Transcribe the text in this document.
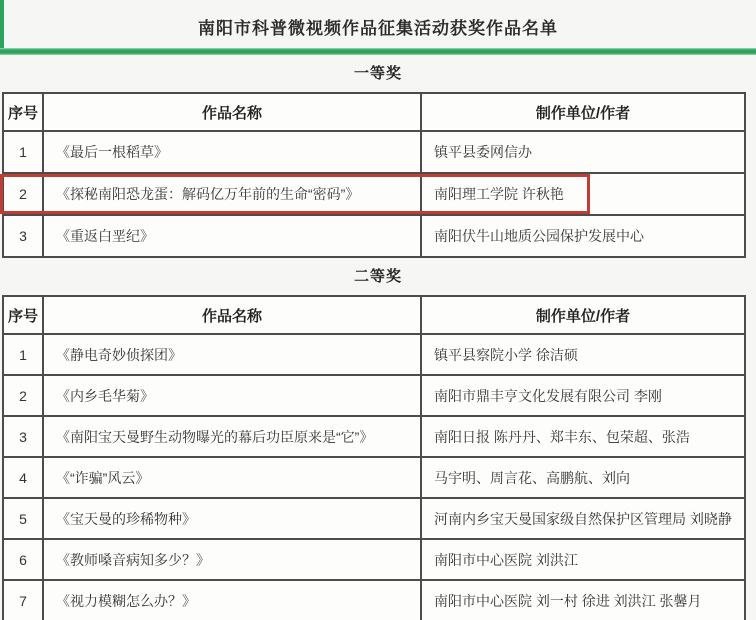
南阳市科普微视频作品征集活动获奖作品名单
一等奖
序号	作品名称	制作单位/作者
1	《最后一根稻草》	镇平县委网信办
2	《探秘南阳恐龙蛋：解码亿万年前的生命“密码”》	南阳理工学院 许秋艳
3	《重返白垩纪》	南阳伏牛山地质公园保护发展中心
二等奖
序号	作品名称	制作单位/作者
1	《静电奇妙侦探团》	镇平县察院小学 徐洁硕
2	《内乡毛华菊》	南阳市鼎丰亨文化发展有限公司 李刚
3	《南阳宝天曼野生动物曝光的幕后功臣原来是“它”》	南阳日报 陈丹丹、郑丰东、包荣超、张浩
4	《“诈骗”风云》	马宇明、周言花、高鹏航、刘向
5	《宝天曼的珍稀物种》	河南内乡宝天曼国家级自然保护区管理局 刘晓静
6	《教师嗓音病知多少？》	南阳市中心医院 刘洪江
7	《视力模糊怎么办？》	南阳市中心医院 刘一村 徐进 刘洪江 张馨月
